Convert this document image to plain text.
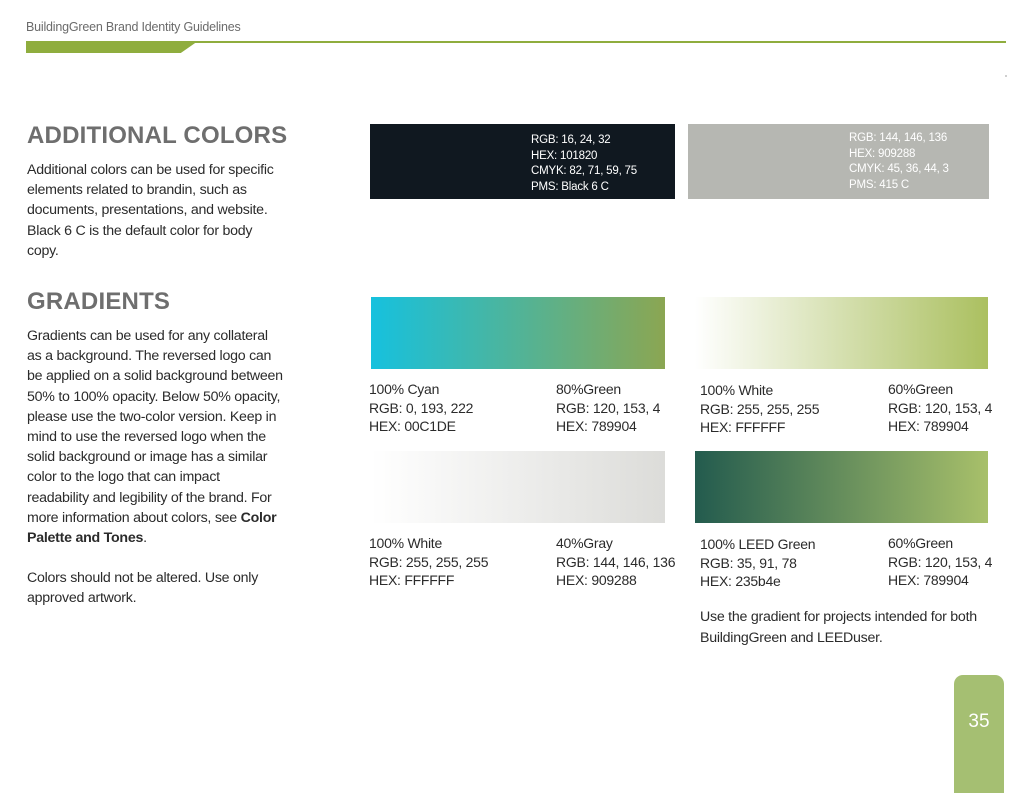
BuildingGreen Brand Identity Guidelines
ADDITIONAL COLORS
Additional colors can be used for specific elements related to brandin, such as documents, presentations, and website. Black 6 C is the default color for body copy.
GRADIENTS
Gradients can be used for any collateral as a background. The reversed logo can be applied on a solid background between 50% to 100% opacity. Below 50% opacity, please use the two-color version. Keep in mind to use the reversed logo when the solid background or image has a similar color to the logo that can impact readability and legibility of the brand. For more information about colors, see Color Palette and Tones.
Colors should not be altered. Use only approved artwork.
RGB: 16, 24, 32
HEX: 101820
CMYK: 82, 71, 59, 75
PMS: Black 6 C
RGB: 144, 146, 136
HEX: 909288
CMYK: 45, 36, 44, 3
PMS: 415 C
100% Cyan
RGB: 0, 193, 222
HEX: 00C1DE
80%Green
RGB: 120, 153, 4
HEX: 789904
100% White
RGB: 255, 255, 255
HEX: FFFFFF
60%Green
RGB: 120, 153, 4
HEX: 789904
100% White
RGB: 255, 255, 255
HEX: FFFFFF
40%Gray
RGB: 144, 146, 136
HEX: 909288
100% LEED Green
RGB: 35, 91, 78
HEX: 235b4e
60%Green
RGB: 120, 153, 4
HEX: 789904
Use the gradient for projects intended for both BuildingGreen and LEEDuser.
35
